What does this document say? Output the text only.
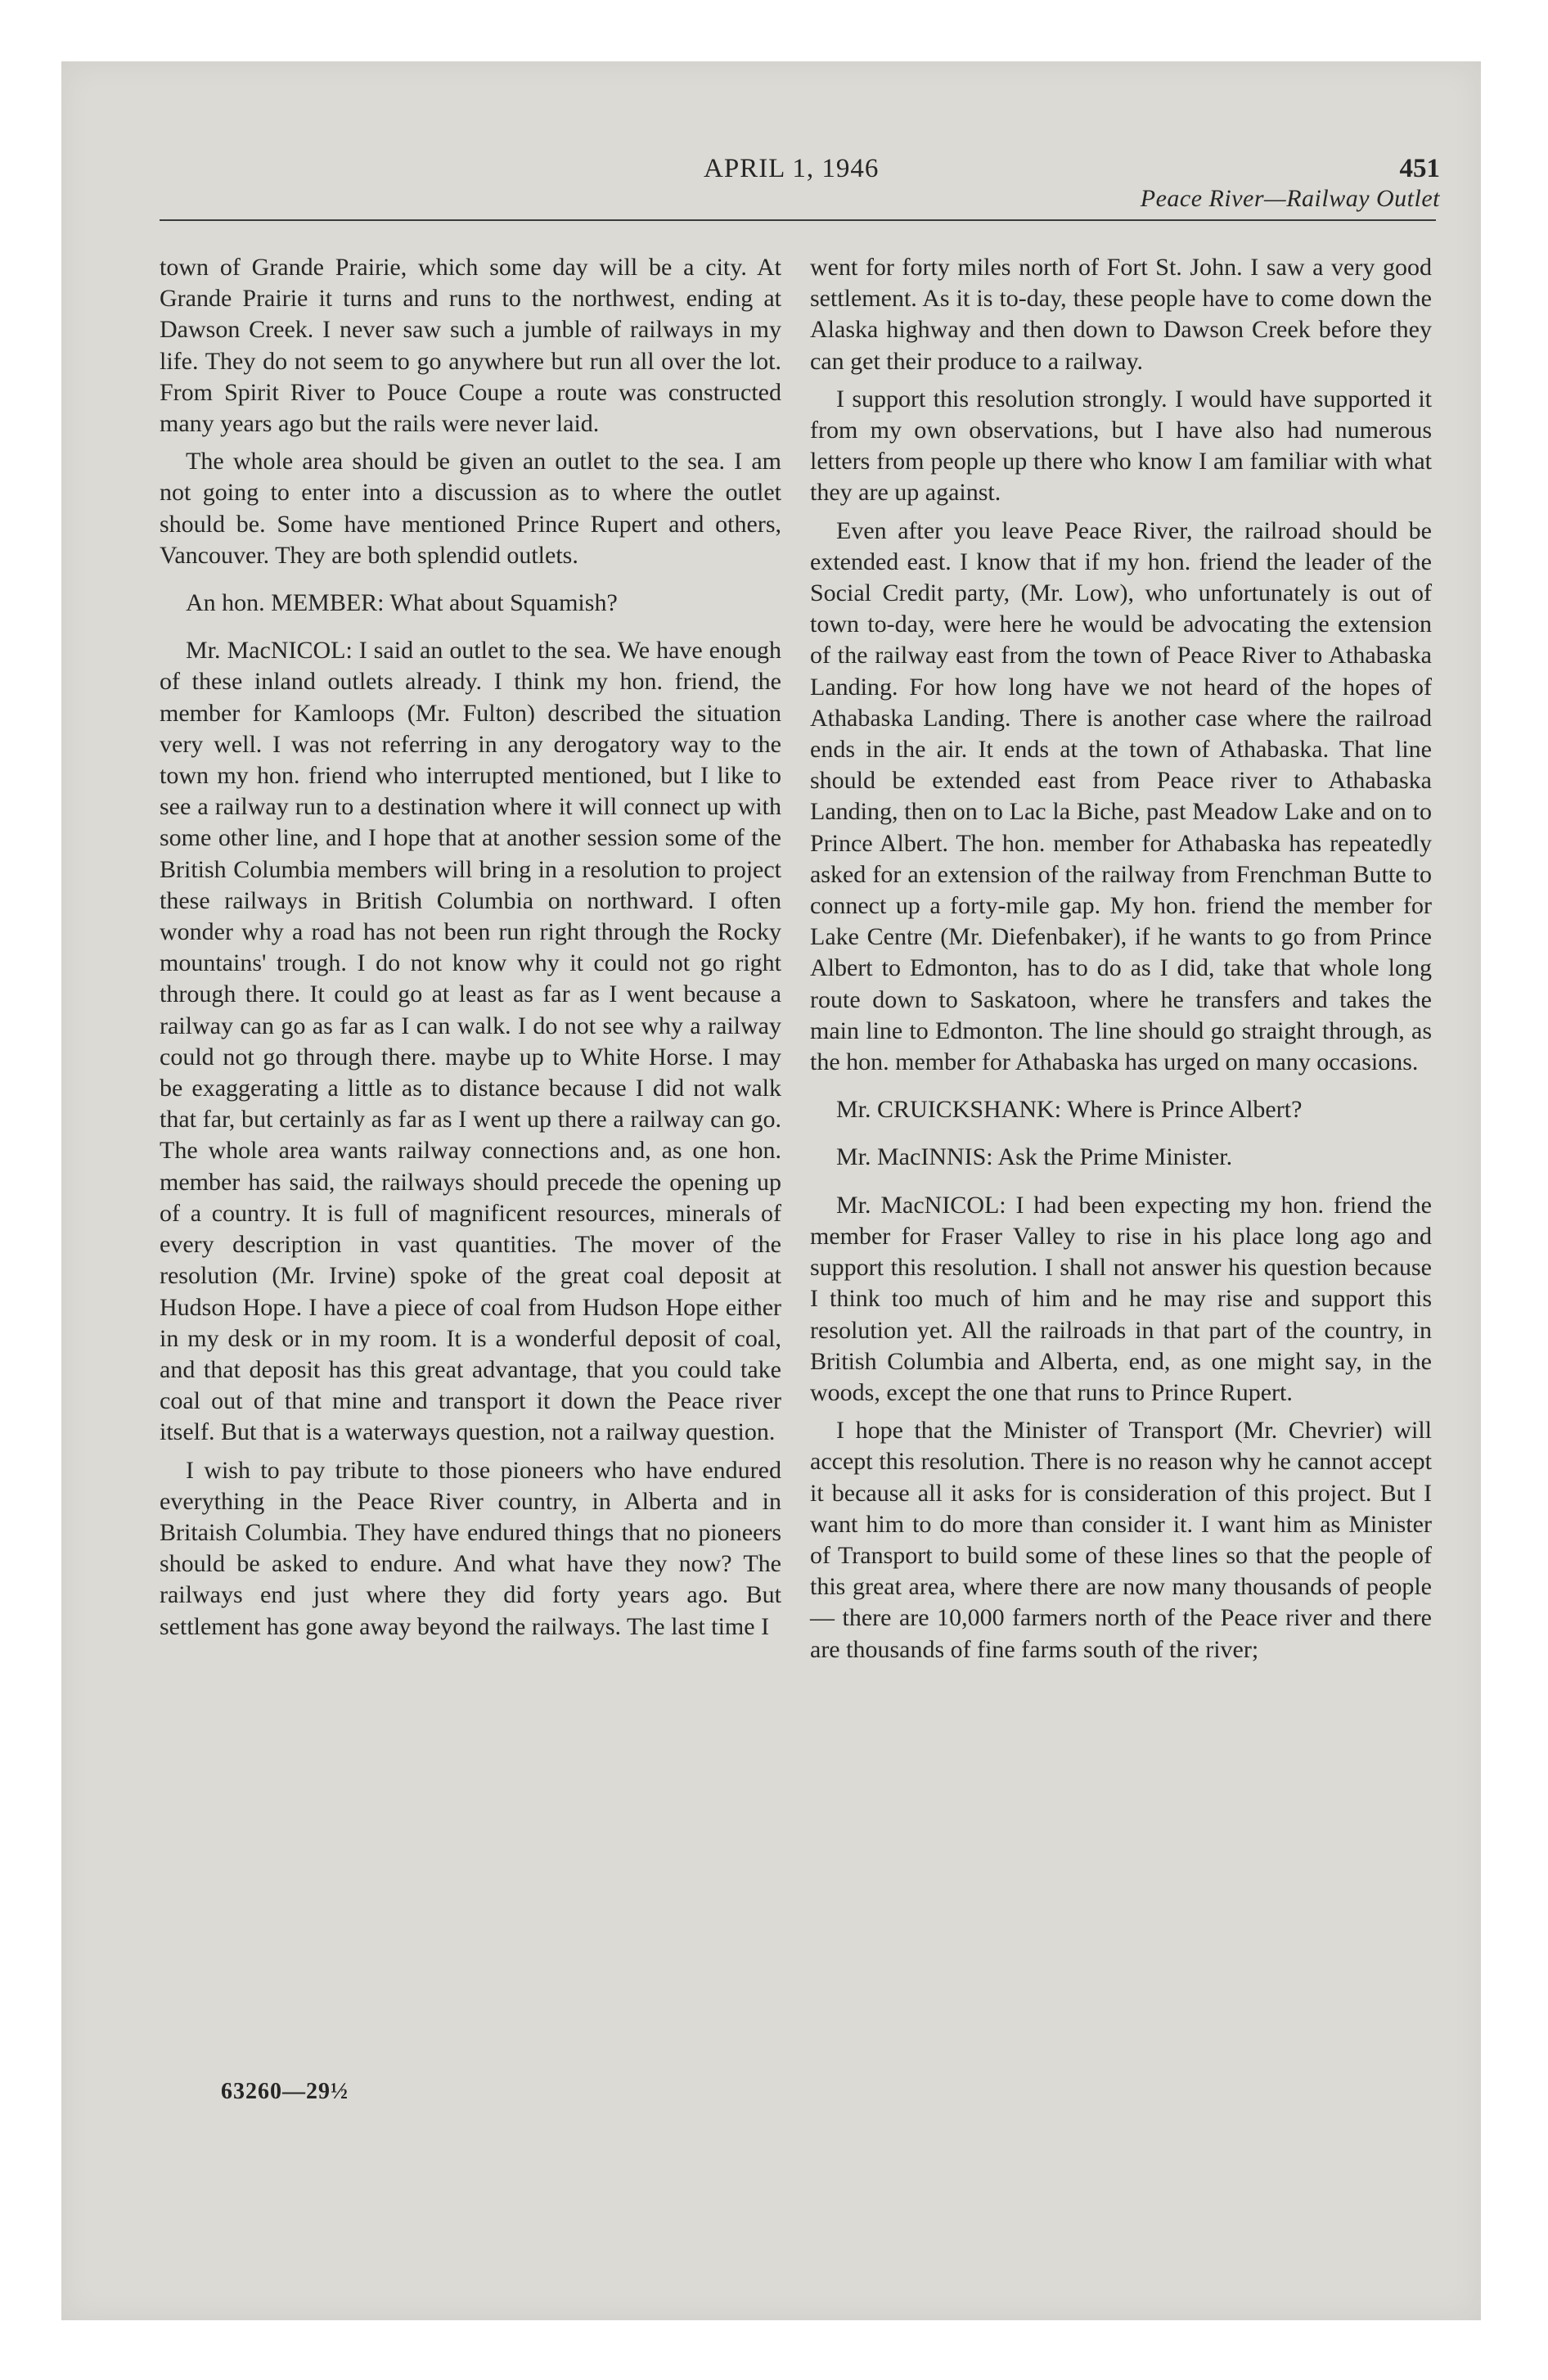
APRIL 1, 1946	451
Peace River—Railway Outlet

town of Grande Prairie, which some day will be a city. At Grande Prairie it turns and runs to the northwest, ending at Dawson Creek. I never saw such a jumble of railways in my life. They do not seem to go anywhere but run all over the lot. From Spirit River to Pouce Coupe a route was constructed many years ago but the rails were never laid.

The whole area should be given an outlet to the sea. I am not going to enter into a discussion as to where the outlet should be. Some have mentioned Prince Rupert and others, Vancouver. They are both splendid outlets.

An hon. MEMBER: What about Squamish?

Mr. MacNICOL: I said an outlet to the sea. We have enough of these inland outlets already. I think my hon. friend, the member for Kamloops (Mr. Fulton) described the situation very well. I was not referring in any derogatory way to the town my hon. friend who interrupted mentioned, but I like to see a railway run to a destination where it will connect up with some other line, and I hope that at another session some of the British Columbia members will bring in a resolution to project these railways in British Columbia on northward. I often wonder why a road has not been run right through the Rocky mountains' trough. I do not know why it could not go right through there. It could go at least as far as I went because a railway can go as far as I can walk. I do not see why a railway could not go through there. maybe up to White Horse. I may be exaggerating a little as to distance because I did not walk that far, but certainly as far as I went up there a railway can go. The whole area wants railway connections and, as one hon. member has said, the railways should precede the opening up of a country. It is full of magnificent resources, minerals of every description in vast quantities. The mover of the resolution (Mr. Irvine) spoke of the great coal deposit at Hudson Hope. I have a piece of coal from Hudson Hope either in my desk or in my room. It is a wonderful deposit of coal, and that deposit has this great advantage, that you could take coal out of that mine and transport it down the Peace river itself. But that is a waterways question, not a railway question.

I wish to pay tribute to those pioneers who have endured everything in the Peace River country, in Alberta and in Britaish Columbia. They have endured things that no pioneers should be asked to endure. And what have they now? The railways end just where they did forty years ago. But settlement has gone away beyond the railways. The last time I

went for forty miles north of Fort St. John. I saw a very good settlement. As it is to-day, these people have to come down the Alaska highway and then down to Dawson Creek before they can get their produce to a railway.

I support this resolution strongly. I would have supported it from my own observations, but I have also had numerous letters from people up there who know I am familiar with what they are up against.

Even after you leave Peace River, the railroad should be extended east. I know that if my hon. friend the leader of the Social Credit party, (Mr. Low), who unfortunately is out of town to-day, were here he would be advocating the extension of the railway east from the town of Peace River to Athabaska Landing. For how long have we not heard of the hopes of Athabaska Landing. There is another case where the railroad ends in the air. It ends at the town of Athabaska. That line should be extended east from Peace river to Athabaska Landing, then on to Lac la Biche, past Meadow Lake and on to Prince Albert. The hon. member for Athabaska has repeatedly asked for an extension of the railway from Frenchman Butte to connect up a forty-mile gap. My hon. friend the member for Lake Centre (Mr. Diefenbaker), if he wants to go from Prince Albert to Edmonton, has to do as I did, take that whole long route down to Saskatoon, where he transfers and takes the main line to Edmonton. The line should go straight through, as the hon. member for Athabaska has urged on many occasions.

Mr. CRUICKSHANK: Where is Prince Albert?

Mr. MacINNIS: Ask the Prime Minister.

Mr. MacNICOL: I had been expecting my hon. friend the member for Fraser Valley to rise in his place long ago and support this resolution. I shall not answer his question because I think too much of him and he may rise and support this resolution yet. All the railroads in that part of the country, in British Columbia and Alberta, end, as one might say, in the woods, except the one that runs to Prince Rupert.

I hope that the Minister of Transport (Mr. Chevrier) will accept this resolution. There is no reason why he cannot accept it because all it asks for is consideration of this project. But I want him to do more than consider it. I want him as Minister of Transport to build some of these lines so that the people of this great area, where there are now many thousands of people — there are 10,000 farmers north of the Peace river and there are thousands of fine farms south of the river;

63260—29½
